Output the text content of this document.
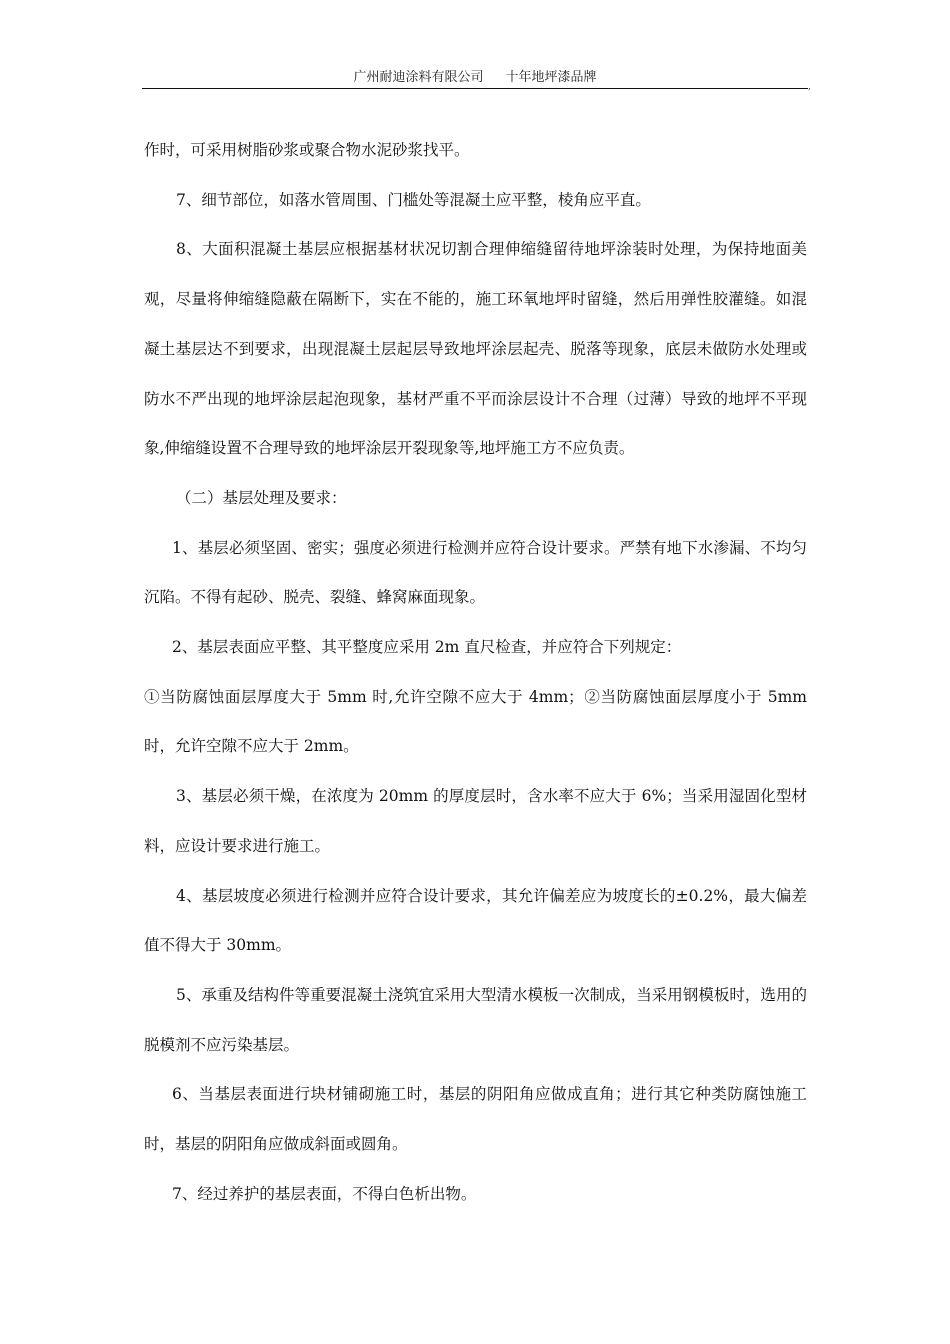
广州耐迪涂料有限公司 十年地坪漆品牌
,

作时，可采用树脂砂浆或聚合物水泥砂浆找平。

7、细节部位，如落水管周围、门槛处等混凝土应平整，棱角应平直。

8、大面积混凝土基层应根据基材状况切割合理伸缩缝留待地坪涂装时处理，为保持地面美观，尽量将伸缩缝隐蔽在隔断下，实在不能的，施工环氧地坪时留缝，然后用弹性胶灌缝。如混凝土基层达不到要求，出现混凝土层起层导致地坪涂层起壳、脱落等现象，底层未做防水处理或防水不严出现的地坪涂层起泡现象，基材严重不平而涂层设计不合理（过薄）导致的地坪不平现象,伸缩缝设置不合理导致的地坪涂层开裂现象等,地坪施工方不应负责。

（二）基层处理及要求：

1、基层必须坚固、密实；强度必须进行检测并应符合设计要求。严禁有地下水渗漏、不均匀沉陷。不得有起砂、脱壳、裂缝、蜂窝麻面现象。

2、基层表面应平整、其平整度应采用 2m 直尺检查，并应符合下列规定：

①当防腐蚀面层厚度大于 5mm 时,允许空隙不应大于 4mm；②当防腐蚀面层厚度小于 5mm 时，允许空隙不应大于 2mm。

3、基层必须干燥，在浓度为 20mm 的厚度层时，含水率不应大于 6%；当采用湿固化型材料，应设计要求进行施工。

4、基层坡度必须进行检测并应符合设计要求，其允许偏差应为坡度长的±0.2%，最大偏差值不得大于 30mm。

5、承重及结构件等重要混凝土浇筑宜采用大型清水模板一次制成，当采用钢模板时，选用的脱模剂不应污染基层。

6、当基层表面进行块材铺砌施工时，基层的阴阳角应做成直角；进行其它种类防腐蚀施工时，基层的阴阳角应做成斜面或圆角。

7、经过养护的基层表面，不得白色析出物。
